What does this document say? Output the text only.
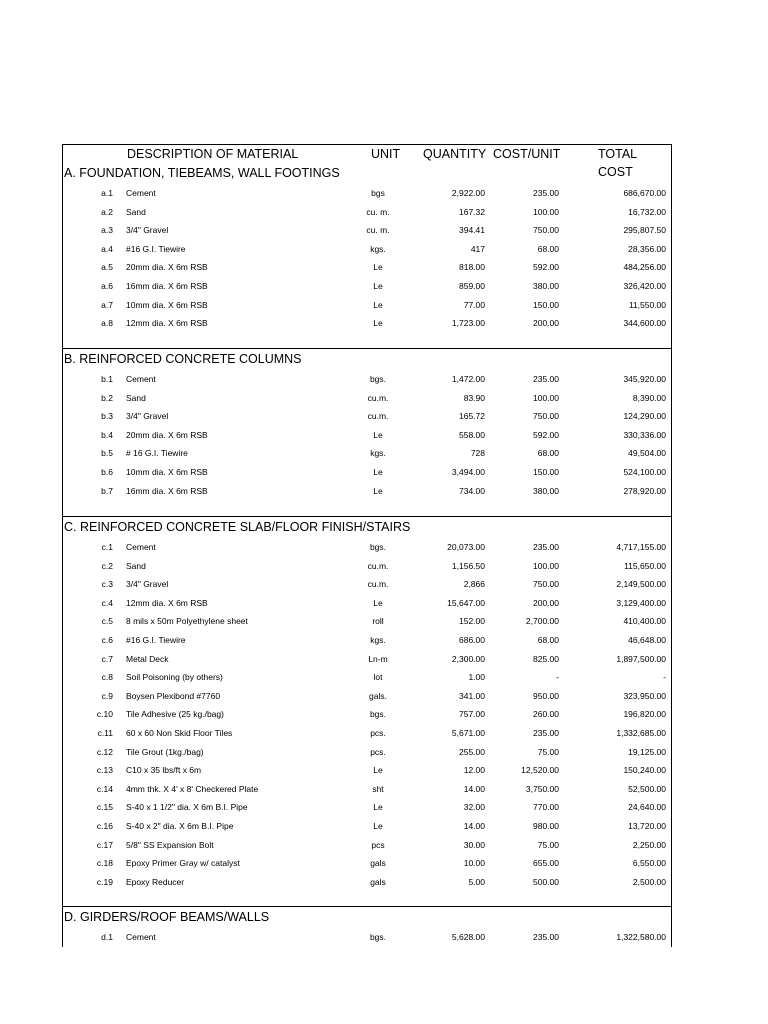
DESCRIPTION OF MATERIAL	UNIT QUANTITY COST/UNIT	TOTAL COST
A. FOUNDATION, TIEBEAMS, WALL FOOTINGS
a.1 Cement	bgs	2,922.00	235.00	686,670.00
a.2 Sand	cu. m.	167.32	100.00	16,732.00
a.3 3/4" Gravel	cu. m.	394.41	750.00	295,807.50
a.4 #16 G.I. Tiewire	kgs.	417	68.00	28,356.00
a.5 20mm dia. X 6m RSB	Le	818.00	592.00	484,256.00
a.6 16mm dia. X 6m RSB	Le	859.00	380.00	326,420.00
a.7 10mm dia. X 6m RSB	Le	77.00	150.00	11,550.00
a.8 12mm dia. X 6m RSB	Le	1,723.00	200.00	344,600.00
B. REINFORCED CONCRETE COLUMNS
b.1 Cement	bgs.	1,472.00	235.00	345,920.00
b.2 Sand	cu.m.	83.90	100.00	8,390.00
b.3 3/4" Gravel	cu.m.	165.72	750.00	124,290.00
b.4 20mm dia. X 6m RSB	Le	558.00	592.00	330,336.00
b.5 # 16 G.I. Tiewire	kgs.	728	68.00	49,504.00
b.6 10mm dia. X 6m RSB	Le	3,494.00	150.00	524,100.00
b.7 16mm dia. X 6m RSB	Le	734.00	380.00	278,920.00
C. REINFORCED CONCRETE SLAB/FLOOR FINISH/STAIRS
c.1 Cement	bgs.	20,073.00	235.00	4,717,155.00
c.2 Sand	cu.m.	1,156.50	100.00	115,650.00
c.3 3/4" Gravel	cu.m.	2,866	750.00	2,149,500.00
c.4 12mm dia. X 6m RSB	Le	15,647.00	200.00	3,129,400.00
c.5 8 mils x 50m Polyethylene sheet	roll	152.00	2,700.00	410,400.00
c.6 #16 G.I. Tiewire	kgs.	686.00	68.00	46,648.00
c.7 Metal Deck	Ln-m	2,300.00	825.00	1,897,500.00
c.8 Soil Poisoning (by others)	lot	1.00	-	-
c.9 Boysen Plexibond #7760	gals.	341.00	950.00	323,950.00
c.10 Tile Adhesive (25 kg./bag)	bgs.	757.00	260.00	196,820.00
c.11 60 x 60 Non Skid Floor Tiles	pcs.	5,671.00	235.00	1,332,685.00
c.12 Tile Grout (1kg./bag)	pcs.	255.00	75.00	19,125.00
c.13 C10 x 35 lbs/ft x 6m	Le	12.00	12,520.00	150,240.00
c.14 4mm thk. X 4' x 8' Checkered Plate	sht	14.00	3,750.00	52,500.00
c.15 S-40 x 1 1/2" dia. X 6m B.I. Pipe	Le	32.00	770.00	24,640.00
c.16 S-40 x 2" dia. X 6m B.I. Pipe	Le	14.00	980.00	13,720.00
c.17 5/8" SS Expansion Bolt	pcs	30.00	75.00	2,250.00
c.18 Epoxy Primer Gray w/ catalyst	gals	10.00	655.00	6,550.00
c.19 Epoxy Reducer	gals	5.00	500.00	2,500.00
D. GIRDERS/ROOF BEAMS/WALLS
d.1 Cement	bgs.	5,628.00	235.00	1,322,580.00
